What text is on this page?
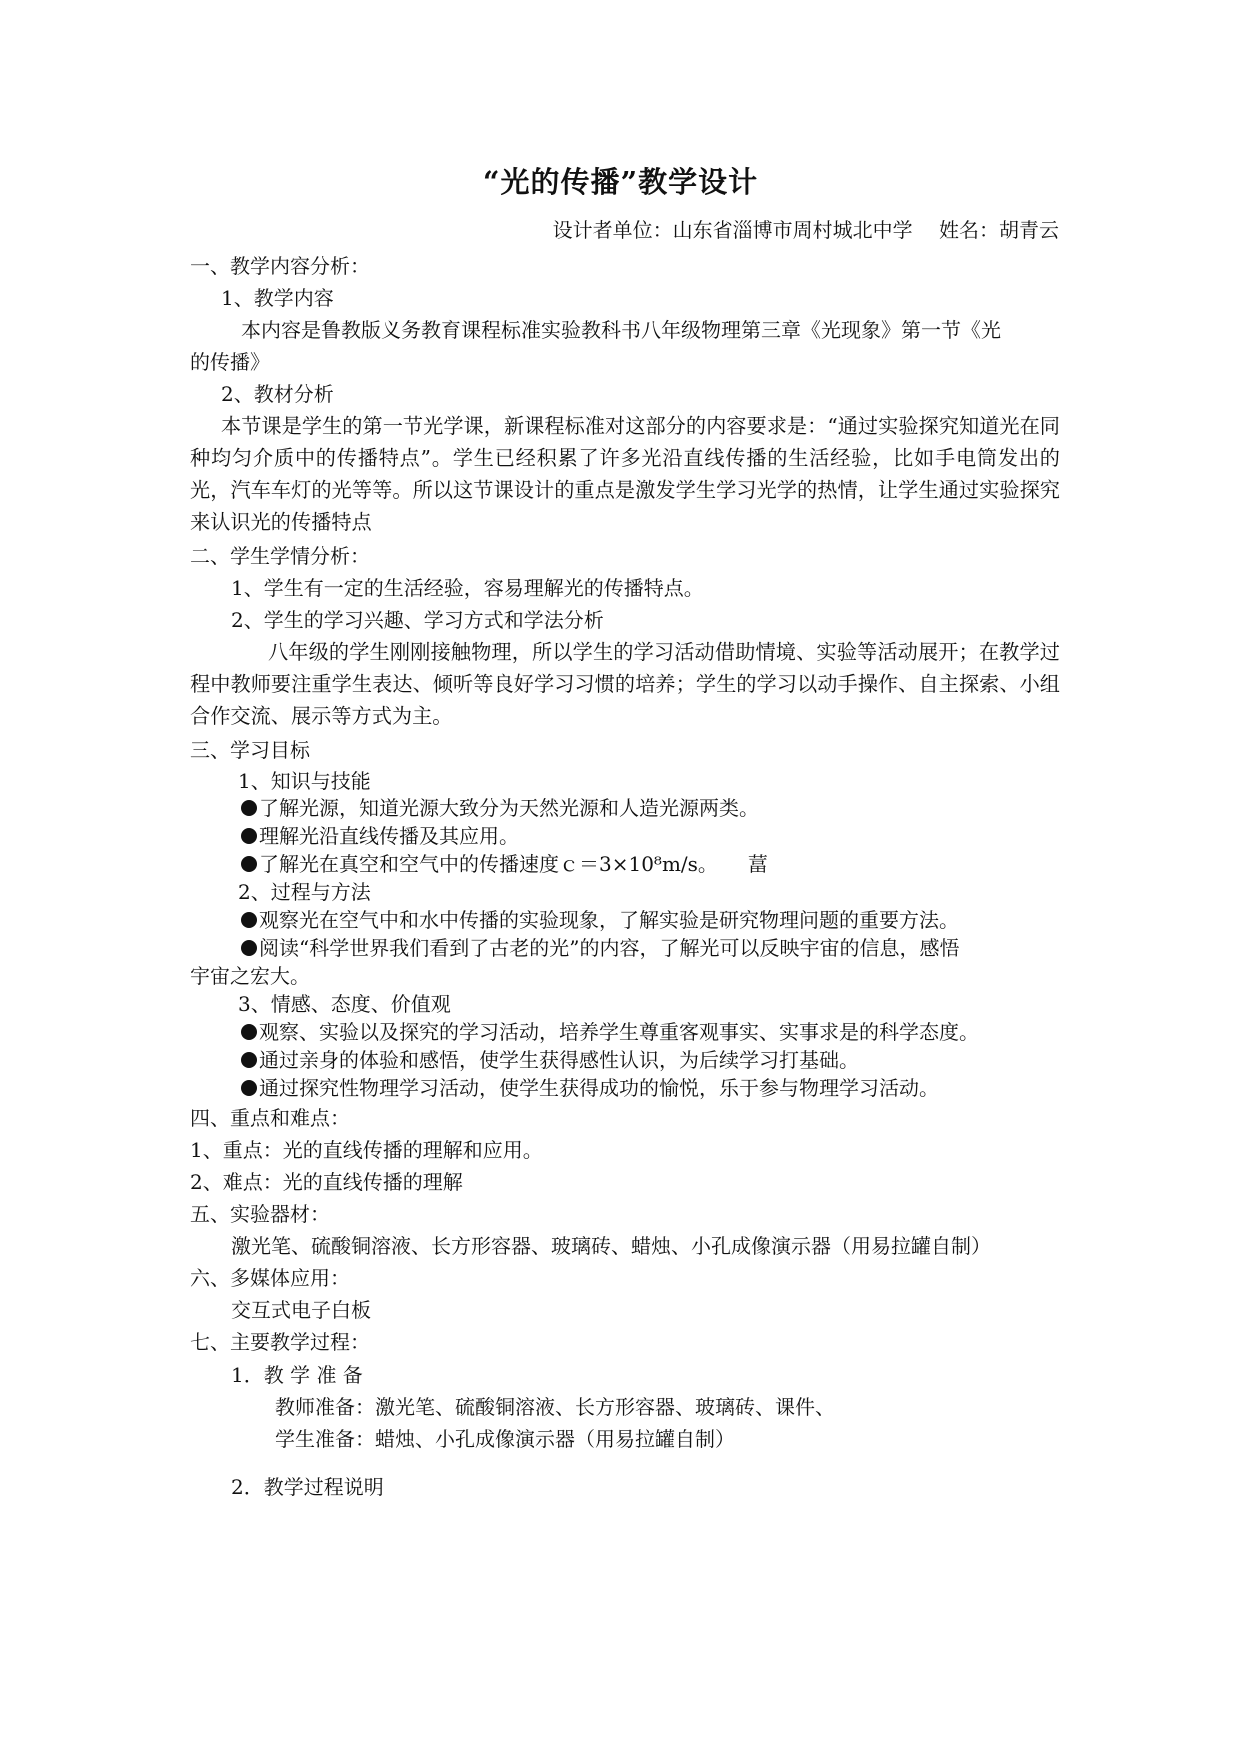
“光的传播”教学设计
设计者单位：山东省淄博市周村城北中学　 姓名：胡青云
一、教学内容分析：
1、教学内容
本内容是鲁教版义务教育课程标准实验教科书八年级物理第三章《光现象》第一节《光
的传播》
2、教材分析
本节课是学生的第一节光学课，新课程标准对这部分的内容要求是：“通过实验探究知道光在同种均匀介质中的传播特点”。学生已经积累了许多光沿直线传播的生活经验，比如手电筒发出的光，汽车车灯的光等等。所以这节课设计的重点是激发学生学习光学的热情，让学生通过实验探究来认识光的传播特点
二、学生学情分析：
1、学生有一定的生活经验，容易理解光的传播特点。
2、学生的学习兴趣、学习方式和学法分析
八年级的学生刚刚接触物理，所以学生的学习活动借助情境、实验等活动展开；在教学过程中教师要注重学生表达、倾听等良好学习习惯的培养；学生的学习以动手操作、自主探索、小组合作交流、展示等方式为主。
三、学习目标
1、知识与技能
了解光源，知道光源大致分为天然光源和人造光源两类。
理解光沿直线传播及其应用。
了解光在真空和空气中的传播速度ｃ＝3×10⁸m/s。　　葍
2、过程与方法
观察光在空气中和水中传播的实验现象，了解实验是研究物理问题的重要方法。
阅读“科学世界我们看到了古老的光”的内容，了解光可以反映宇宙的信息，感悟
宇宙之宏大。
3、情感、态度、价值观
观察、实验以及探究的学习活动，培养学生尊重客观事实、实事求是的科学态度。
通过亲身的体验和感悟，使学生获得感性认识，为后续学习打基础。
通过探究性物理学习活动，使学生获得成功的愉悦，乐于参与物理学习活动。
四、重点和难点：
1、重点：光的直线传播的理解和应用。
2、难点：光的直线传播的理解
五、实验器材：
激光笔、硫酸铜溶液、长方形容器、玻璃砖、蜡烛、小孔成像演示器（用易拉罐自制）
六、多媒体应用：
交互式电子白板
七、主要教学过程：
1．教 学 准 备
教师准备：激光笔、硫酸铜溶液、长方形容器、玻璃砖、课件、
学生准备：蜡烛、小孔成像演示器（用易拉罐自制）
2．教学过程说明
